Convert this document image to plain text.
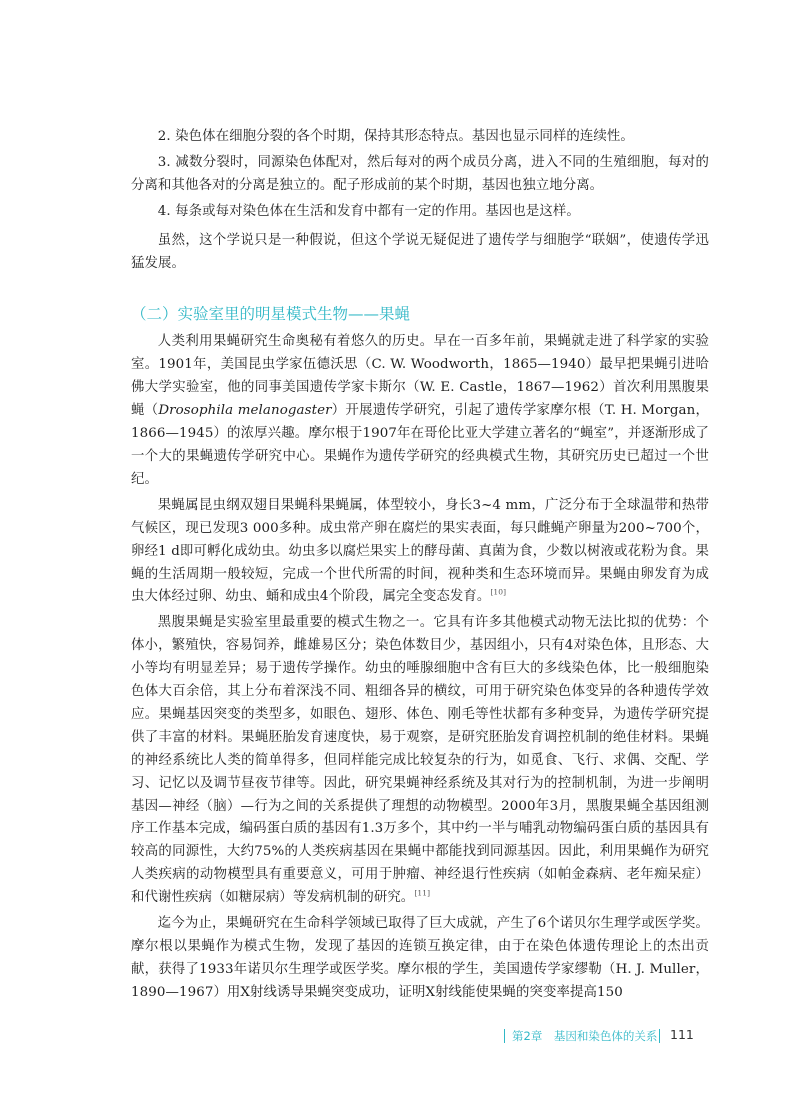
2. 染色体在细胞分裂的各个时期，保持其形态特点。基因也显示同样的连续性。

3. 减数分裂时，同源染色体配对，然后每对的两个成员分离，进入不同的生殖细胞，每对的分离和其他各对的分离是独立的。配子形成前的某个时期，基因也独立地分离。

4. 每条或每对染色体在生活和发育中都有一定的作用。基因也是这样。

虽然，这个学说只是一种假说，但这个学说无疑促进了遗传学与细胞学“联姻”，使遗传学迅猛发展。

（二）实验室里的明星模式生物——果蝇

人类利用果蝇研究生命奥秘有着悠久的历史。早在一百多年前，果蝇就走进了科学家的实验室。1901年，美国昆虫学家伍德沃思（C. W. Woodworth，1865—1940）最早把果蝇引进哈佛大学实验室，他的同事美国遗传学家卡斯尔（W. E. Castle，1867—1962）首次利用黑腹果蝇（Drosophila melanogaster）开展遗传学研究，引起了遗传学家摩尔根（T. H. Morgan，1866—1945）的浓厚兴趣。摩尔根于1907年在哥伦比亚大学建立著名的“蝇室”，并逐渐形成了一个大的果蝇遗传学研究中心。果蝇作为遗传学研究的经典模式生物，其研究历史已超过一个世纪。

果蝇属昆虫纲双翅目果蝇科果蝇属，体型较小，身长3~4 mm，广泛分布于全球温带和热带气候区，现已发现3 000多种。成虫常产卵在腐烂的果实表面，每只雌蝇产卵量为200~700个，卵经1 d即可孵化成幼虫。幼虫多以腐烂果实上的酵母菌、真菌为食，少数以树液或花粉为食。果蝇的生活周期一般较短，完成一个世代所需的时间，视种类和生态环境而异。果蝇由卵发育为成虫大体经过卵、幼虫、蛹和成虫4个阶段，属完全变态发育。[10]

黑腹果蝇是实验室里最重要的模式生物之一。它具有许多其他模式动物无法比拟的优势：个体小，繁殖快，容易饲养，雌雄易区分；染色体数目少，基因组小，只有4对染色体，且形态、大小等均有明显差异；易于遗传学操作。幼虫的唾腺细胞中含有巨大的多线染色体，比一般细胞染色体大百余倍，其上分布着深浅不同、粗细各异的横纹，可用于研究染色体变异的各种遗传学效应。果蝇基因突变的类型多，如眼色、翅形、体色、刚毛等性状都有多种变异，为遗传学研究提供了丰富的材料。果蝇胚胎发育速度快，易于观察，是研究胚胎发育调控机制的绝佳材料。果蝇的神经系统比人类的简单得多，但同样能完成比较复杂的行为，如觅食、飞行、求偶、交配、学习、记忆以及调节昼夜节律等。因此，研究果蝇神经系统及其对行为的控制机制，为进一步阐明基因—神经（脑）—行为之间的关系提供了理想的动物模型。2000年3月，黑腹果蝇全基因组测序工作基本完成，编码蛋白质的基因有1.3万多个，其中约一半与哺乳动物编码蛋白质的基因具有较高的同源性，大约75%的人类疾病基因在果蝇中都能找到同源基因。因此，利用果蝇作为研究人类疾病的动物模型具有重要意义，可用于肿瘤、神经退行性疾病（如帕金森病、老年痴呆症）和代谢性疾病（如糖尿病）等发病机制的研究。[11]

迄今为止，果蝇研究在生命科学领域已取得了巨大成就，产生了6个诺贝尔生理学或医学奖。摩尔根以果蝇作为模式生物，发现了基因的连锁互换定律，由于在染色体遗传理论上的杰出贡献，获得了1933年诺贝尔生理学或医学奖。摩尔根的学生，美国遗传学家缪勒（H. J. Muller，1890—1967）用X射线诱导果蝇突变成功，证明X射线能使果蝇的突变率提高150

第2章　基因和染色体的关系 111
